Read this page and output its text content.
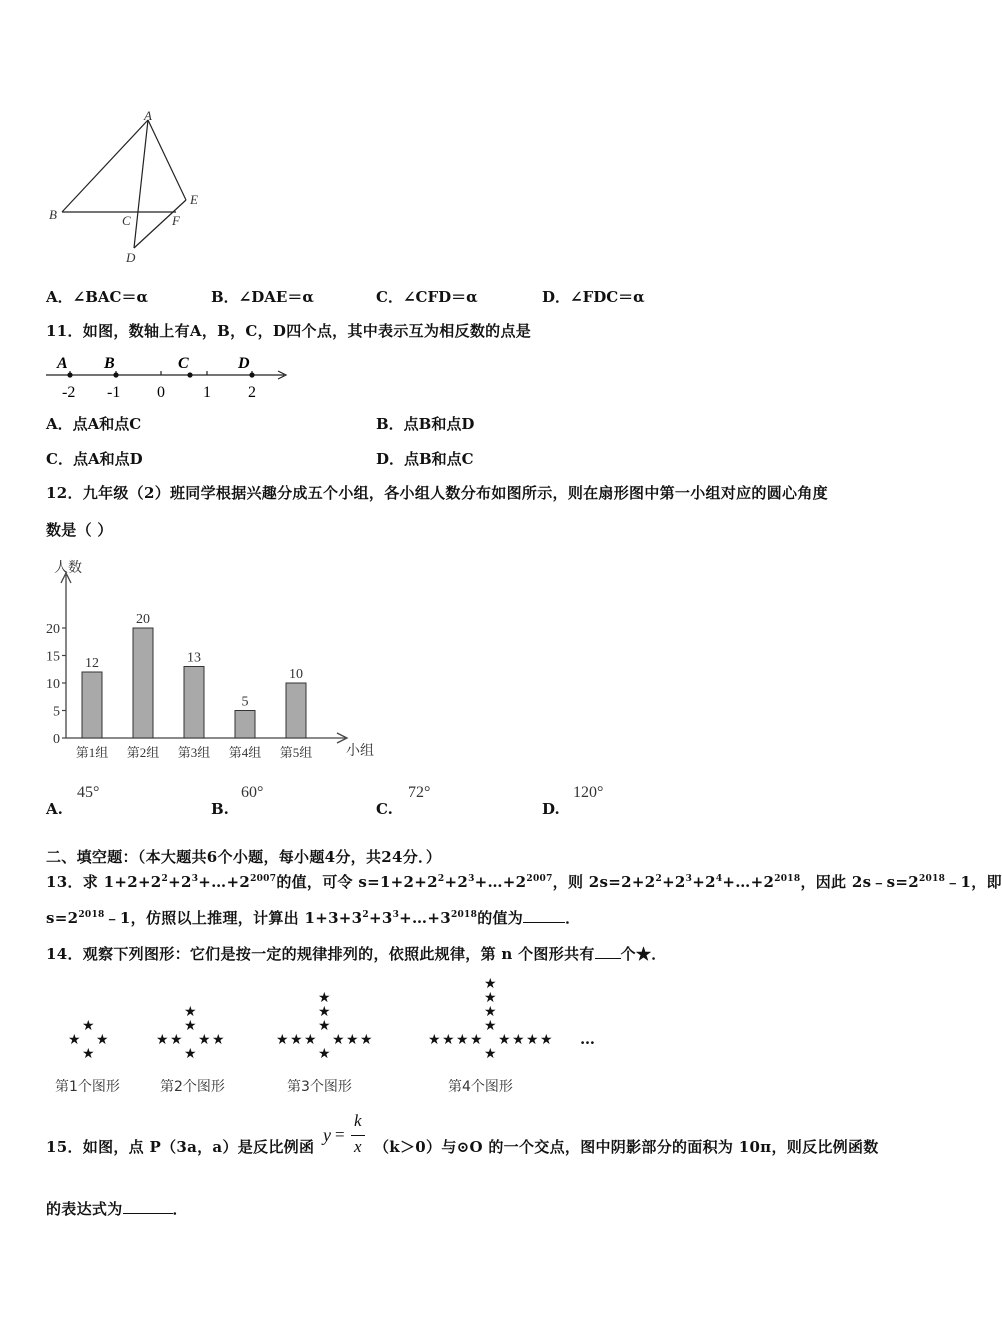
A
B	C
D
E
F
A．∠BAC＝α	B．∠DAE＝α	C．∠CFD＝α	D．∠FDC＝α
11．如图，数轴上有A，B，C，D四个点，其中表示互为相反数的点是
A B	C	D
-2 -1 0 1 2
A．点A和点C	B．点B和点D
C．点A和点D	D．点B和点C
12．九年级（2）班同学根据兴趣分成五个小组，各小组人数分布如图所示，则在扇形图中第一小组对应的圆心角度
数是（ ）
人数
小组
0
5
10
15
20
12
第1组
20
第2组
13
第3组
5
第4组
10
第5组
A.
45°
B.
60°
C.
72°
D.
120°
二、填空题：（本大题共6个小题，每小题4分，共24分．）
13．求 $1+2+2^2+2^3+\dots+2^{2007}$的值，可令 $s=1+2+2^2+2^3+\dots+2^{2007}$，则 $2s=2+2^2+2^3+2^4+\dots+2^{2018}$，因此 $2s﹣s=2^{2018}﹣1$，即
$s=2^{2018}﹣1$，仿照以上推理，计算出 $1+3+3^2+3^3+\dots+3^{2018}$的值为	．
14．观察下列图形：它们是按一定的规律排列的，依照此规律，第 n 个图形共有 个★．
★ ★
★
★
★ ★
★
★	★
★
★
★ ★
★
★	★
★
★	★
★
★
★ ★
★
★	★
★
★	★
★
★	★
★
★
…
第1个图形	第2个图形	第3个图形	第4个图形
15．如图，点 P（3a，a）是反比例函
y =
k
x （k＞0）与⊙O 的一个交点，图中阴影部分的面积为 10π，则反比例函数
的表达式为	．
